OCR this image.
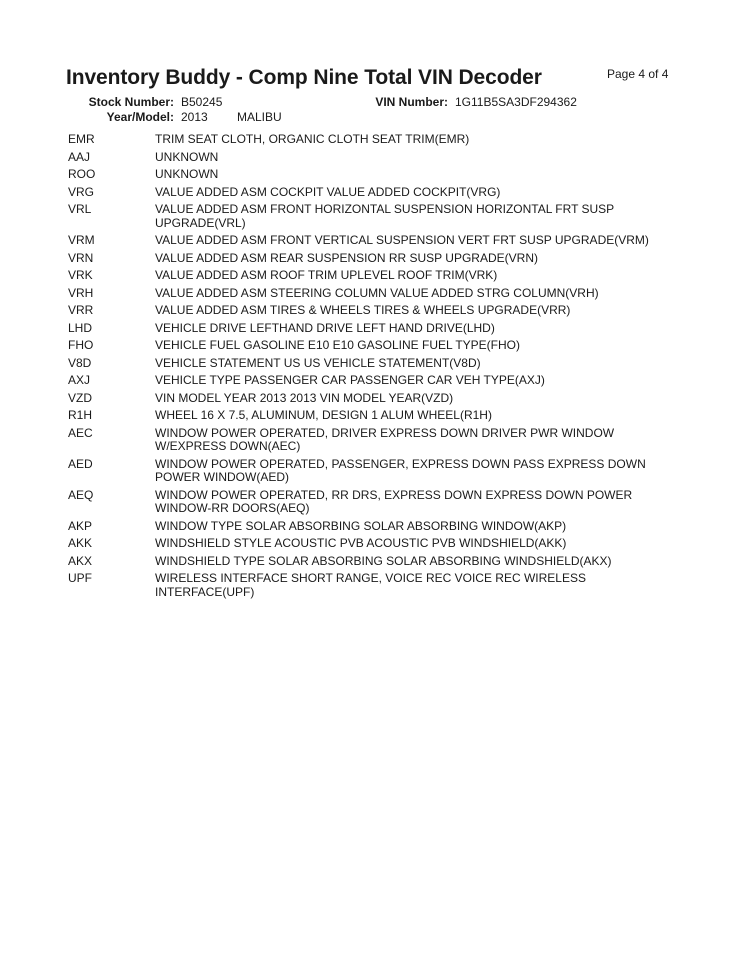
Inventory Buddy - Comp Nine Total VIN Decoder	Page 4 of 4
Stock Number: B50245	VIN Number: 1G11B5SA3DF294362
Year/Model: 2013 MALIBU
EMR	TRIM SEAT CLOTH, ORGANIC CLOTH SEAT TRIM(EMR)
AAJ	UNKNOWN
ROO	UNKNOWN
VRG	VALUE ADDED ASM COCKPIT VALUE ADDED COCKPIT(VRG)
VRL	VALUE ADDED ASM FRONT HORIZONTAL SUSPENSION HORIZONTAL FRT SUSP UPGRADE(VRL)
VRM	VALUE ADDED ASM FRONT VERTICAL SUSPENSION VERT FRT SUSP UPGRADE(VRM)
VRN	VALUE ADDED ASM REAR SUSPENSION RR SUSP UPGRADE(VRN)
VRK	VALUE ADDED ASM ROOF TRIM UPLEVEL ROOF TRIM(VRK)
VRH	VALUE ADDED ASM STEERING COLUMN VALUE ADDED STRG COLUMN(VRH)
VRR	VALUE ADDED ASM TIRES & WHEELS TIRES & WHEELS UPGRADE(VRR)
LHD	VEHICLE DRIVE LEFTHAND DRIVE LEFT HAND DRIVE(LHD)
FHO	VEHICLE FUEL GASOLINE E10 E10 GASOLINE FUEL TYPE(FHO)
V8D	VEHICLE STATEMENT US US VEHICLE STATEMENT(V8D)
AXJ	VEHICLE TYPE PASSENGER CAR PASSENGER CAR VEH TYPE(AXJ)
VZD	VIN MODEL YEAR 2013 2013 VIN MODEL YEAR(VZD)
R1H	WHEEL 16 X 7.5, ALUMINUM, DESIGN 1 ALUM WHEEL(R1H)
AEC	WINDOW POWER OPERATED, DRIVER EXPRESS DOWN DRIVER PWR WINDOW W/EXPRESS DOWN(AEC)
AED	WINDOW POWER OPERATED, PASSENGER, EXPRESS DOWN PASS EXPRESS DOWN POWER WINDOW(AED)
AEQ	WINDOW POWER OPERATED, RR DRS, EXPRESS DOWN EXPRESS DOWN POWER WINDOW-RR DOORS(AEQ)
AKP	WINDOW TYPE SOLAR ABSORBING SOLAR ABSORBING WINDOW(AKP)
AKK	WINDSHIELD STYLE ACOUSTIC PVB ACOUSTIC PVB WINDSHIELD(AKK)
AKX	WINDSHIELD TYPE SOLAR ABSORBING SOLAR ABSORBING WINDSHIELD(AKX)
UPF	WIRELESS INTERFACE SHORT RANGE, VOICE REC VOICE REC WIRELESS INTERFACE(UPF)
